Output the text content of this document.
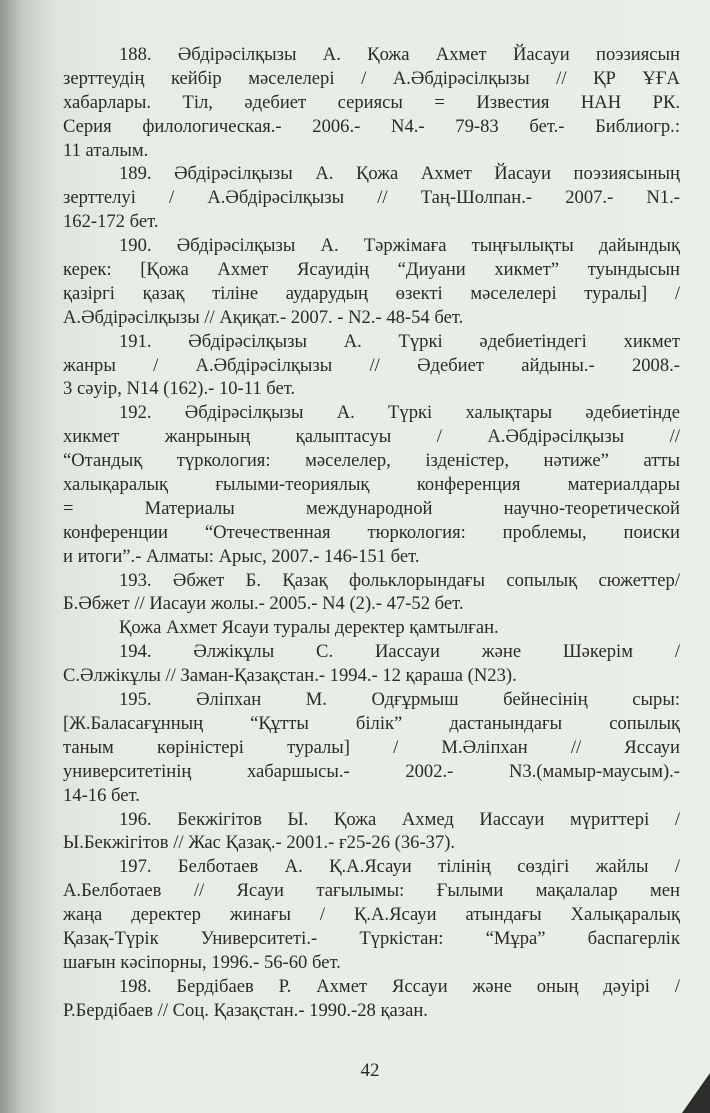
188. Әбдірәсілқызы А. Қожа Ахмет Йасауи поэзиясын
зерттеудің кейбір мәселелері / А.Әбдірәсілқызы // ҚР ҰҒА
хабарлары. Тіл, әдебиет сериясы = Известия НАН РК.
Серия филологическая.- 2006.- N4.- 79-83 бет.- Библиогр.:
11 аталым.
189. Әбдірәсілқызы А. Қожа Ахмет Йасауи поэзиясының
зерттелуі / А.Әбдірәсілқызы // Таң-Шолпан.- 2007.- N1.-
162-172 бет.
190. Әбдірәсілқызы А. Тәржімаға тыңғылықты дайындық
керек: [Қожа Ахмет Ясауидің “Диуани хикмет” туындысын
қазіргі қазақ тіліне аударудың өзекті мәселелері туралы] /
А.Әбдірәсілқызы // Ақиқат.- 2007. - N2.- 48-54 бет.
191. Әбдірәсілқызы А. Түркі әдебиетіндегі хикмет
жанры / А.Әбдірәсілқызы // Әдебиет айдыны.- 2008.-
3 сәуір, N14 (162).- 10-11 бет.
192. Әбдірәсілқызы А. Түркі халықтары әдебиетінде
хикмет жанрының қалыптасуы / А.Әбдірәсілқызы //
“Отандық түркология: мәселелер, ізденістер, нәтиже” атты
халықаралық ғылыми-теориялық конференция материалдары
= Материалы международной научно-теоретической
конференции “Отечественная тюркология: проблемы, поиски
и итоги”.- Алматы: Арыс, 2007.- 146-151 бет.
193. Әбжет Б. Қазақ фольклорындағы сопылық сюжеттер/
Б.Әбжет // Иасауи жолы.- 2005.- N4 (2).- 47-52 бет.
Қожа Ахмет Ясауи туралы деректер қамтылған.
194. Әлжікұлы С. Иассауи және Шәкерім /
С.Әлжікұлы // Заман-Қазақстан.- 1994.- 12 қараша (N23).
195. Әліпхан М. Одғұрмыш бейнесінің сыры:
[Ж.Баласағұнның “Құтты білік” дастанындағы сопылық
таным көріністері туралы] / М.Әліпхан // Яссауи
университетінің хабаршысы.- 2002.- N3.(мамыр-маусым).-
14-16 бет.
196. Бекжігітов Ы. Қожа Ахмед Иассауи мүриттері /
Ы.Бекжігітов // Жас Қазақ.- 2001.- ғ25-26 (36-37).
197. Белботаев А. Қ.А.Ясауи тілінің сөздігі жайлы /
А.Белботаев // Ясауи тағылымы: Ғылыми мақалалар мен
жаңа деректер жинағы / Қ.А.Ясауи атындағы Халықаралық
Қазақ-Түрік Университеті.- Түркістан: “Мұра” баспагерлік
шағын кәсіпорны, 1996.- 56-60 бет.
198. Бердібаев Р. Ахмет Яссауи және оның дәуірі /
Р.Бердібаев // Соц. Қазақстан.- 1990.-28 қазан.
42
